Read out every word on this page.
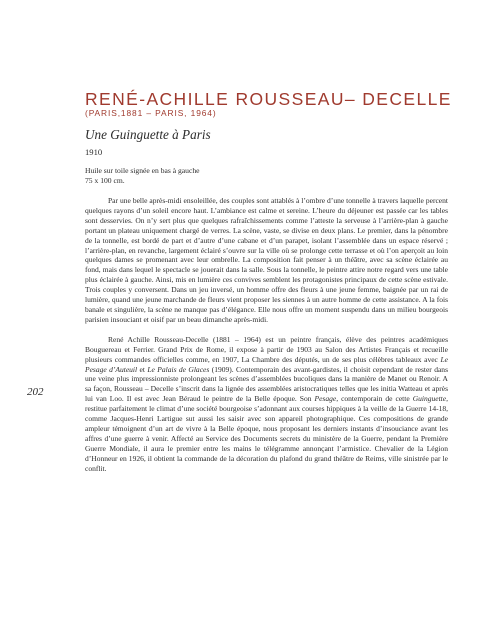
RENÉ-ACHILLE ROUSSEAU– DECELLE
(PARIS,1881 – PARIS, 1964)
Une Guinguette à Paris
1910
Huile sur toile signée en bas à gauche
75 x 100 cm.

Par une belle après-midi ensoleillée, des couples sont attablés à l’ombre d’une tonnelle à travers laquelle percent quelques rayons d’un soleil encore haut. L’ambiance est calme et sereine. L’heure du déjeuner est passée car les tables sont desservies. On n’y sert plus que quelques rafraîchissements comme l’atteste la serveuse à l’arrière-plan à gauche portant un plateau uniquement chargé de verres. La scène, vaste, se divise en deux plans. Le premier, dans la pénombre de la tonnelle, est bordé de part et d’autre d’une cabane et d’un parapet, isolant l’assemblée dans un espace réservé ; l’arrière-plan, en revanche, largement éclairé s’ouvre sur la ville où se prolonge cette terrasse et où l’on aperçoit au loin quelques dames se promenant avec leur ombrelle. La composition fait penser à un théâtre, avec sa scène éclairée au fond, mais dans lequel le spectacle se jouerait dans la salle. Sous la tonnelle, le peintre attire notre regard vers une table plus éclairée à gauche. Ainsi, mis en lumière ces convives semblent les protagonistes principaux de cette scène estivale. Trois couples y conversent. Dans un jeu inversé, un homme offre des fleurs à une jeune femme, baignée par un rai de lumière, quand une jeune marchande de fleurs vient proposer les siennes à un autre homme de cette assistance. A la fois banale et singulière, la scène ne manque pas d’élégance. Elle nous offre un moment suspendu dans un milieu bourgeois parisien insouciant et oisif par un beau dimanche après-midi.

René Achille Rousseau-Decelle (1881 – 1964) est un peintre français, élève des peintres académiques Bouguereau et Ferrier. Grand Prix de Rome, il expose à partir de 1903 au Salon des Artistes Français et recueille plusieurs commandes officielles comme, en 1907, La Chambre des députés, un de ses plus célèbres tableaux avec Le Pesage d’Auteuil et Le Palais de Glaces (1909). Contemporain des avant-gardistes, il choisit cependant de rester dans une veine plus impressionniste prolongeant les scènes d’assemblées bucoliques dans la manière de Manet ou Renoir. A sa façon, Rousseau – Decelle s’inscrit dans la lignée des assemblées aristocratiques telles que les initia Watteau et après lui van Loo. Il est avec Jean Béraud le peintre de la Belle époque. Son Pesage, contemporain de cette Guinguette, restitue parfaitement le climat d’une société bourgeoise s’adonnant aux courses hippiques à la veille de la Guerre 14-18, comme Jacques-Henri Lartigue sut aussi les saisir avec son appareil photographique. Ces compositions de grande ampleur témoignent d’un art de vivre à la Belle époque, nous proposant les derniers instants d’insouciance avant les affres d’une guerre à venir. Affecté au Service des Documents secrets du ministère de la Guerre, pendant la Première Guerre Mondiale, il aura le premier entre les mains le télégramme annonçant l’armistice. Chevalier de la Légion d’Honneur en 1926, il obtient la commande de la décoration du plafond du grand théâtre de Reims, ville sinistrée par le conflit.

202
